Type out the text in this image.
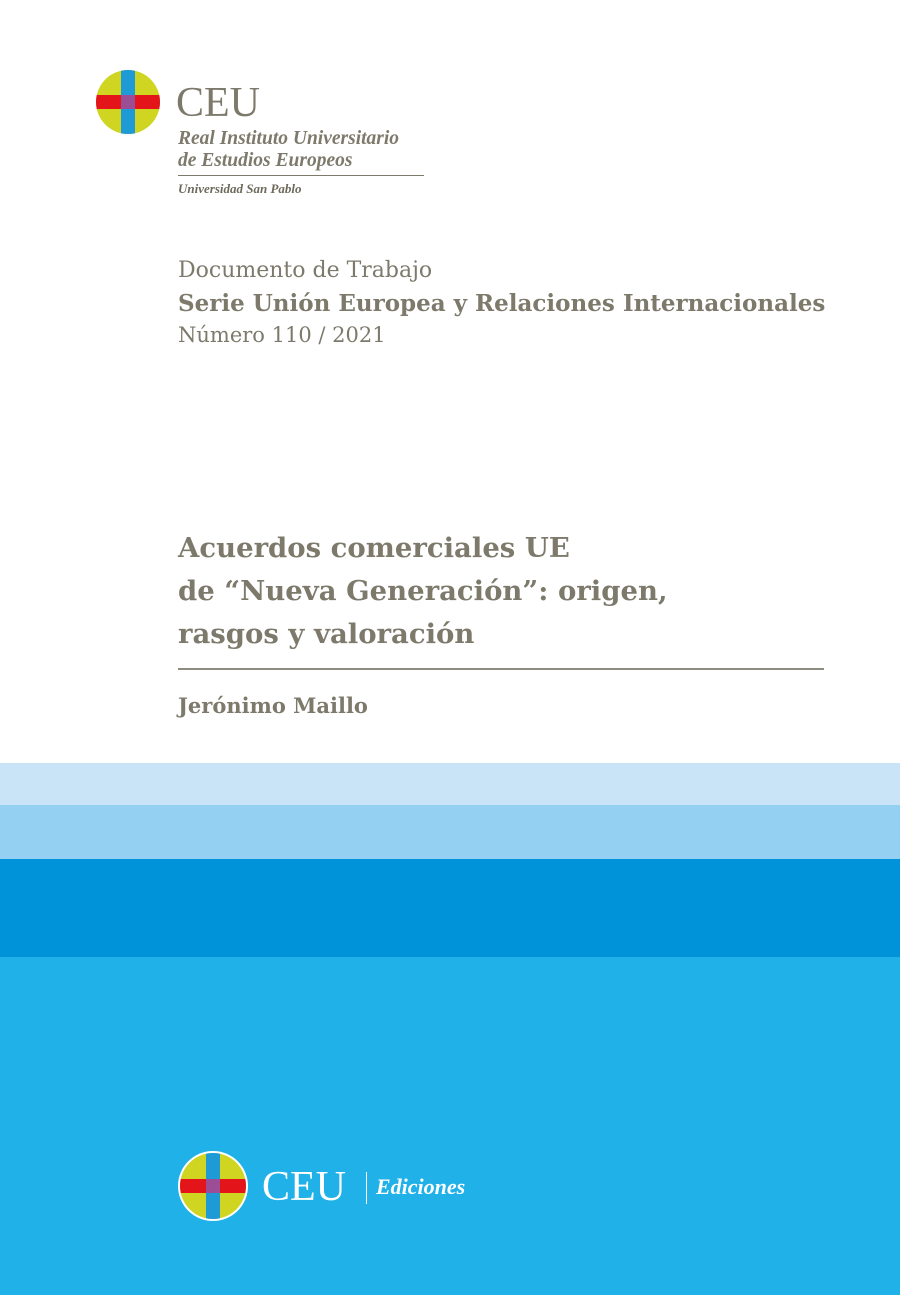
CEU
Real Instituto Universitario
de Estudios Europeos
Universidad San Pablo
Documento de Trabajo
Serie Unión Europea y Relaciones Internacionales
Número 110 / 2021
Acuerdos comerciales UE
de “Nueva Generación”: origen,
rasgos y valoración
Jerónimo Maillo
CEU Ediciones
